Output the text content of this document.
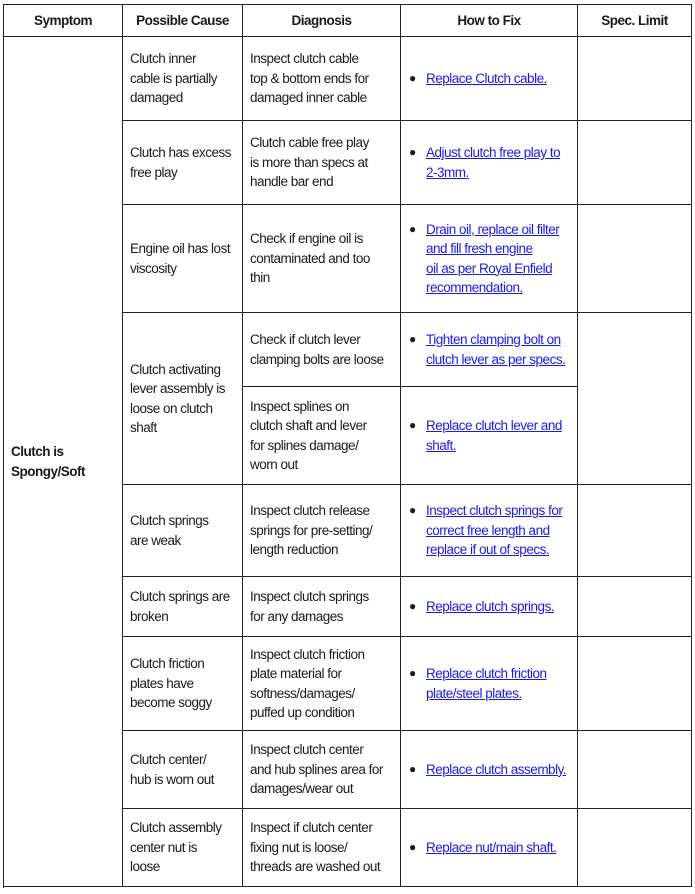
Symptom	Possible Cause	Diagnosis	How to Fix	Spec. Limit
Clutch is
Spongy/Soft	Clutch inner
cable is partially
damaged	Inspect clutch cable
top & bottom ends for
damaged inner cable	● Replace Clutch cable.	

	Clutch has excess
free play	Clutch cable free play
is more than specs at
handle bar end	● Adjust clutch free play to
2-3mm.	

	Engine oil has lost
viscosity	Check if engine oil is
contaminated and too
thin	● Drain oil, replace oil filter
and fill fresh engine
oil as per Royal Enfield
recommendation.	

	Clutch activating
lever assembly is
loose on clutch
shaft	Check if clutch lever
clamping bolts are loose	● Tighten clamping bolt on
clutch lever as per specs.	

		Inspect splines on
clutch shaft and lever
for splines damage/
worn out	● Replace clutch lever and
shaft.	

	Clutch springs
are weak	Inspect clutch release
springs for pre-setting/
length reduction	● Inspect clutch springs for
correct free length and
replace if out of specs.	

	Clutch springs are
broken	Inspect clutch springs
for any damages	● Replace clutch springs.	

	Clutch friction
plates have
become soggy	Inspect clutch friction
plate material for
softness/damages/
puffed up condition	● Replace clutch friction
plate/steel plates.	

	Clutch center/
hub is worn out	Inspect clutch center
and hub splines area for
damages/wear out	● Replace clutch assembly.	

	Clutch assembly
center nut is
loose	Inspect if clutch center
fixing nut is loose/
threads are washed out	● Replace nut/main shaft.	
